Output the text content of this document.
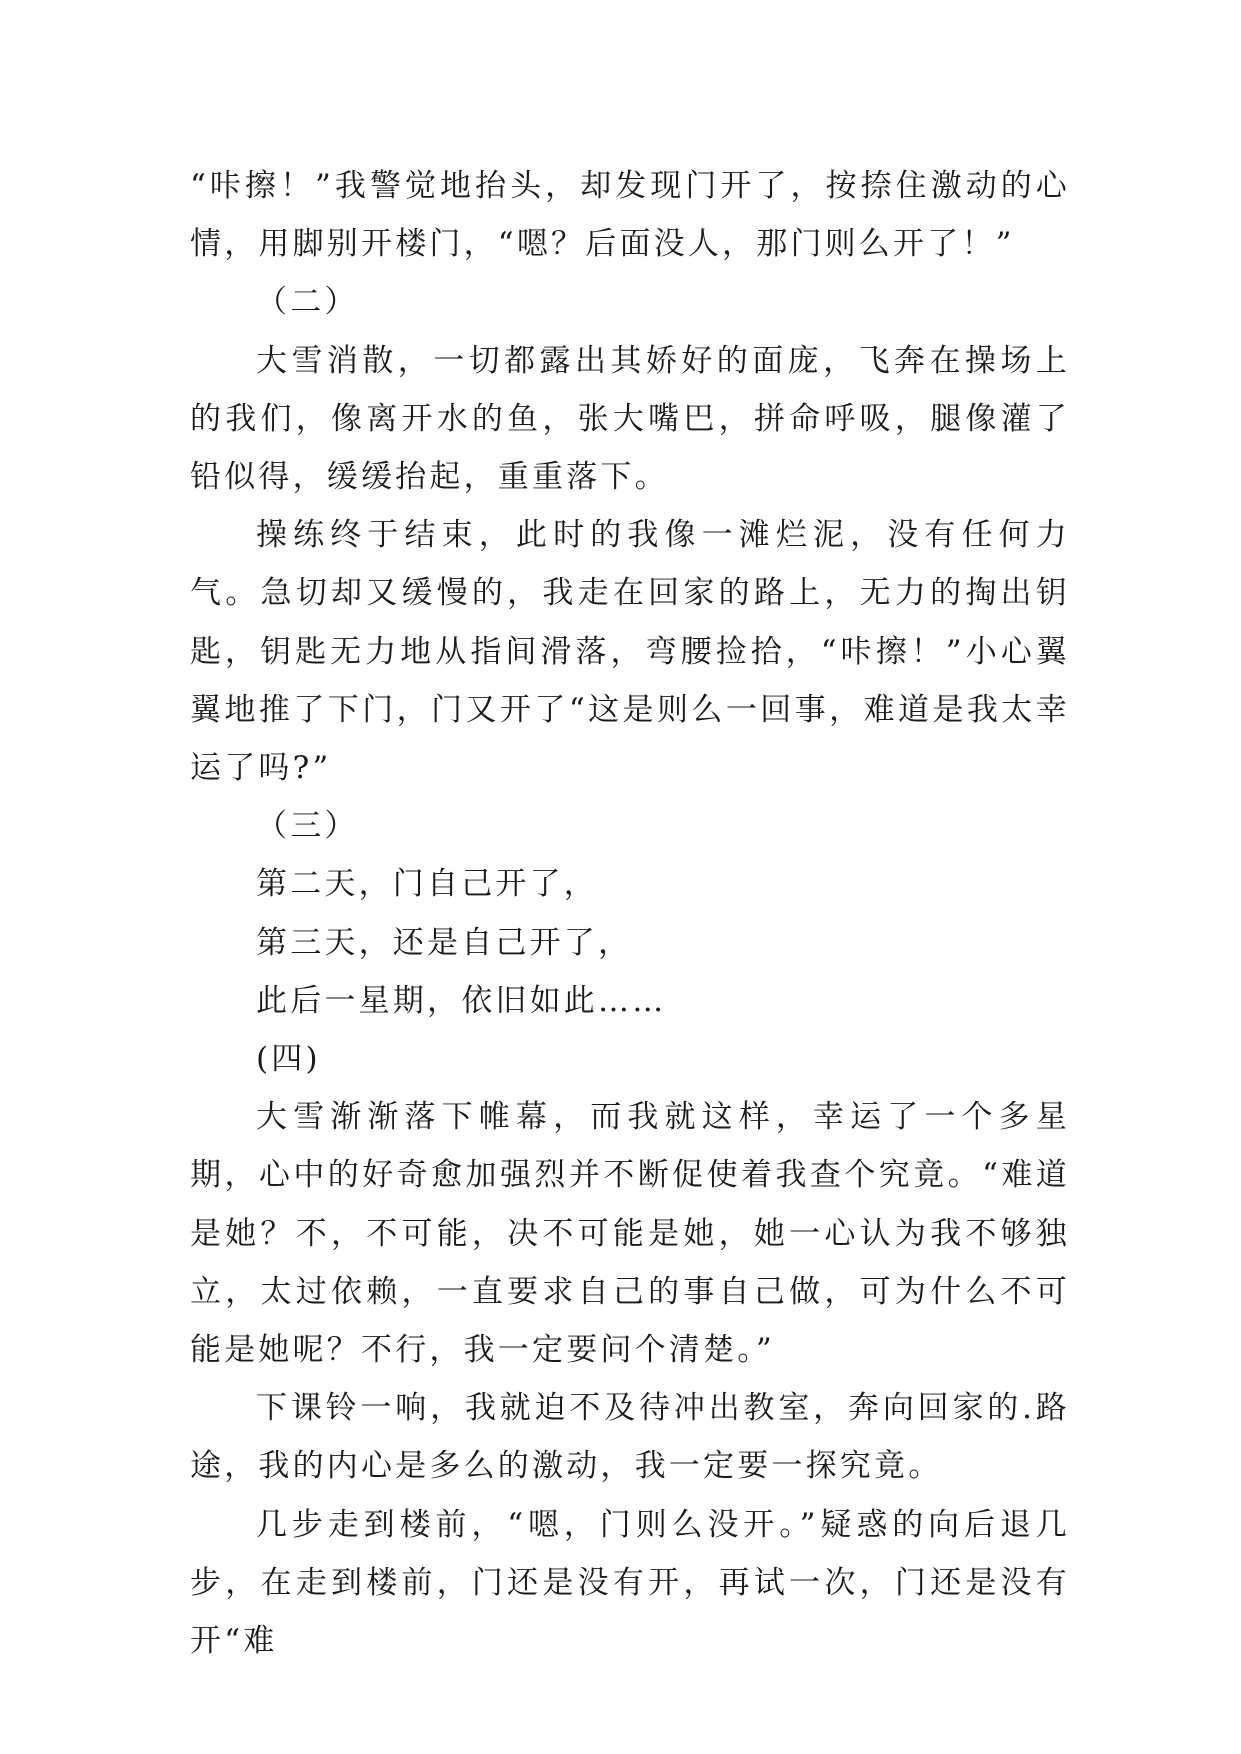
“咔擦！”我警觉地抬头，却发现门开了，按捺住激动的心情，用脚别开楼门，“嗯？后面没人，那门则么开了！”

（二）

大雪消散，一切都露出其娇好的面庞，飞奔在操场上的我们，像离开水的鱼，张大嘴巴，拼命呼吸，腿像灌了铅似得，缓缓抬起，重重落下。

操练终于结束，此时的我像一滩烂泥，没有任何力气。急切却又缓慢的，我走在回家的路上，无力的掏出钥匙，钥匙无力地从指间滑落，弯腰捡拾，“咔擦！”小心翼翼地推了下门，门又开了“这是则么一回事，难道是我太幸运了吗?”

（三）

第二天，门自己开了，

第三天，还是自己开了，

此后一星期，依旧如此……

(四)

大雪渐渐落下帷幕，而我就这样，幸运了一个多星期，心中的好奇愈加强烈并不断促使着我查个究竟。“难道是她？不，不可能，决不可能是她，她一心认为我不够独立，太过依赖，一直要求自己的事自己做，可为什么不可能是她呢？不行，我一定要问个清楚。”

下课铃一响，我就迫不及待冲出教室，奔向回家的.路途，我的内心是多么的激动，我一定要一探究竟。

几步走到楼前，“嗯，门则么没开。”疑惑的向后退几步，在走到楼前，门还是没有开，再试一次，门还是没有开“难
